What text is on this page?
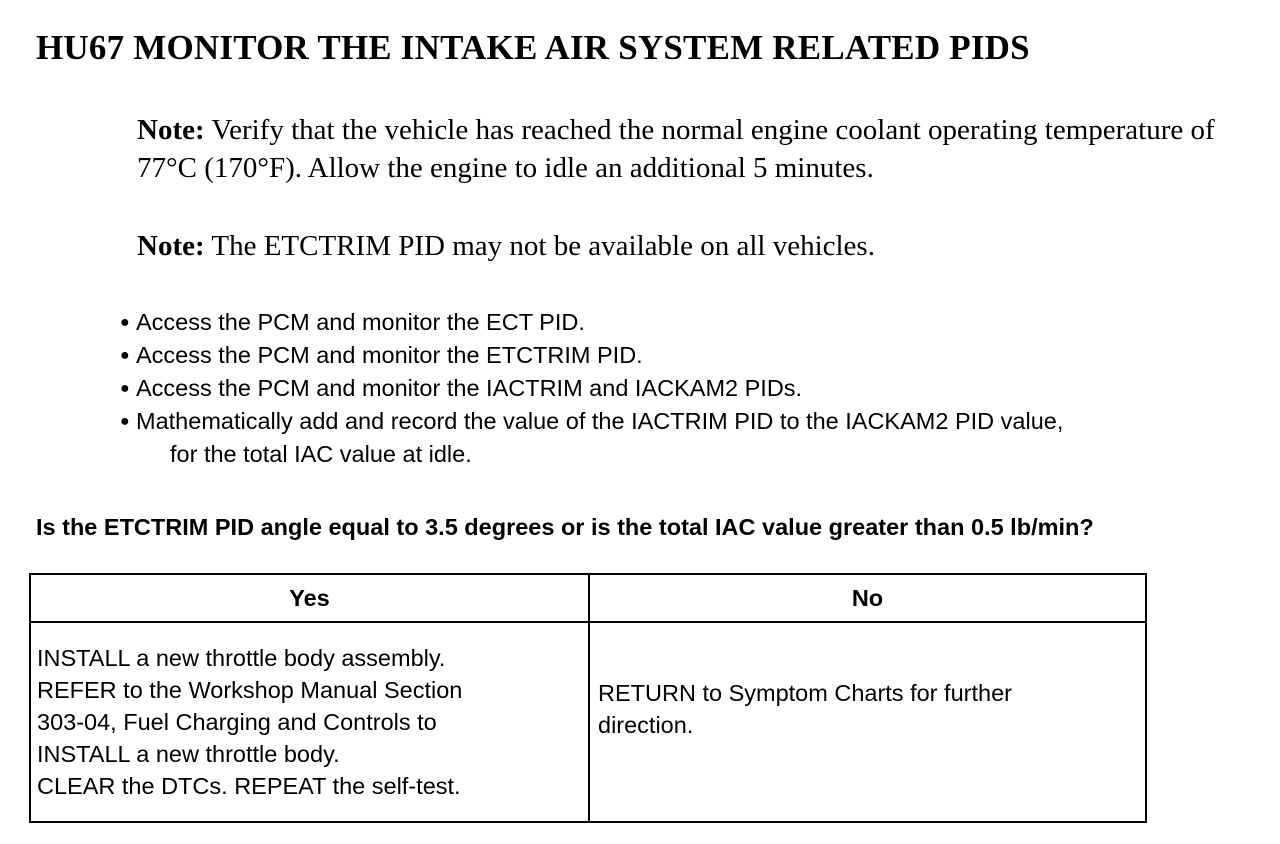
HU67 MONITOR THE INTAKE AIR SYSTEM RELATED PIDS
Note: Verify that the vehicle has reached the normal engine coolant operating temperature of 77°C (170°F). Allow the engine to idle an additional 5 minutes.
Note: The ETCTRIM PID may not be available on all vehicles.
● Access the PCM and monitor the ECT PID.
● Access the PCM and monitor the ETCTRIM PID.
● Access the PCM and monitor the IACTRIM and IACKAM2 PIDs.
● Mathematically add and record the value of the IACTRIM PID to the IACKAM2 PID value,
for the total IAC value at idle.
Is the ETCTRIM PID angle equal to 3.5 degrees or is the total IAC value greater than 0.5 lb/min?
Yes	No

INSTALL a new throttle body assembly.
REFER to the Workshop Manual Section
303-04, Fuel Charging and Controls to
INSTALL a new throttle body.
CLEAR the DTCs. REPEAT the self-test.	RETURN to Symptom Charts for further
direction.
